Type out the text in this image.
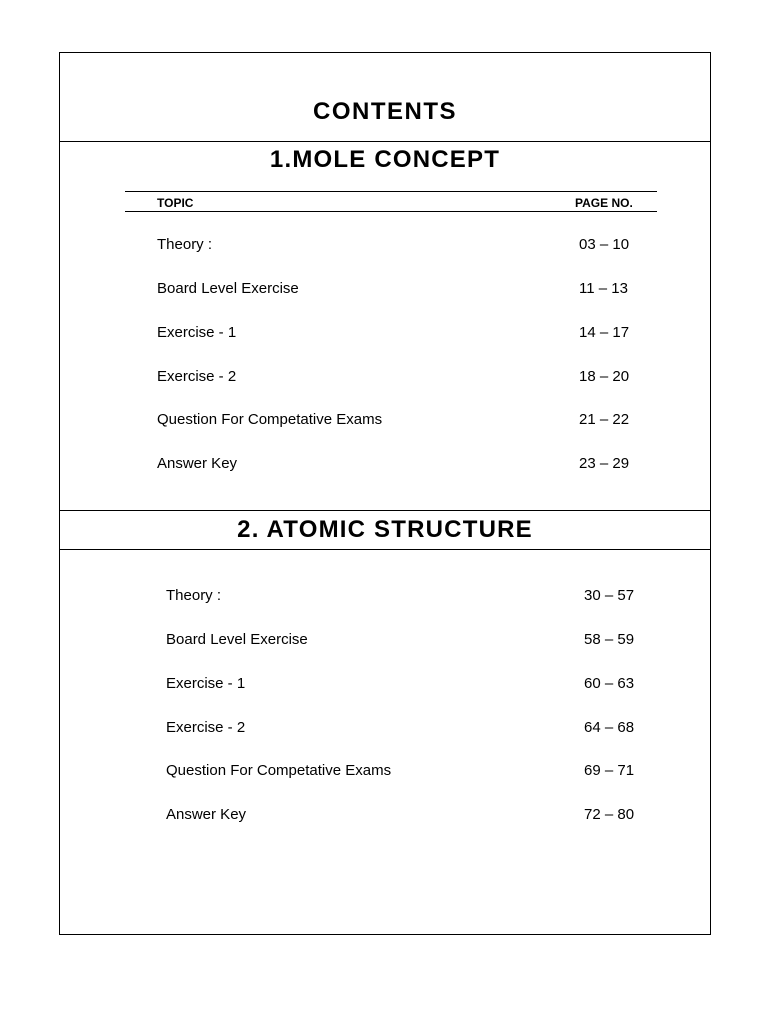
CONTENTS
1.MOLE CONCEPT
TOPIC	PAGE NO.
Theory :	03 – 10
Board Level Exercise	11 – 13
Exercise - 1	14 – 17
Exercise - 2	18 – 20
Question For Competative Exams	21 – 22
Answer Key	23 – 29
2. ATOMIC STRUCTURE
Theory :	30 – 57
Board Level Exercise	58 – 59
Exercise - 1	60 – 63
Exercise - 2	64 – 68
Question For Competative Exams	69 – 71
Answer Key	72 – 80
